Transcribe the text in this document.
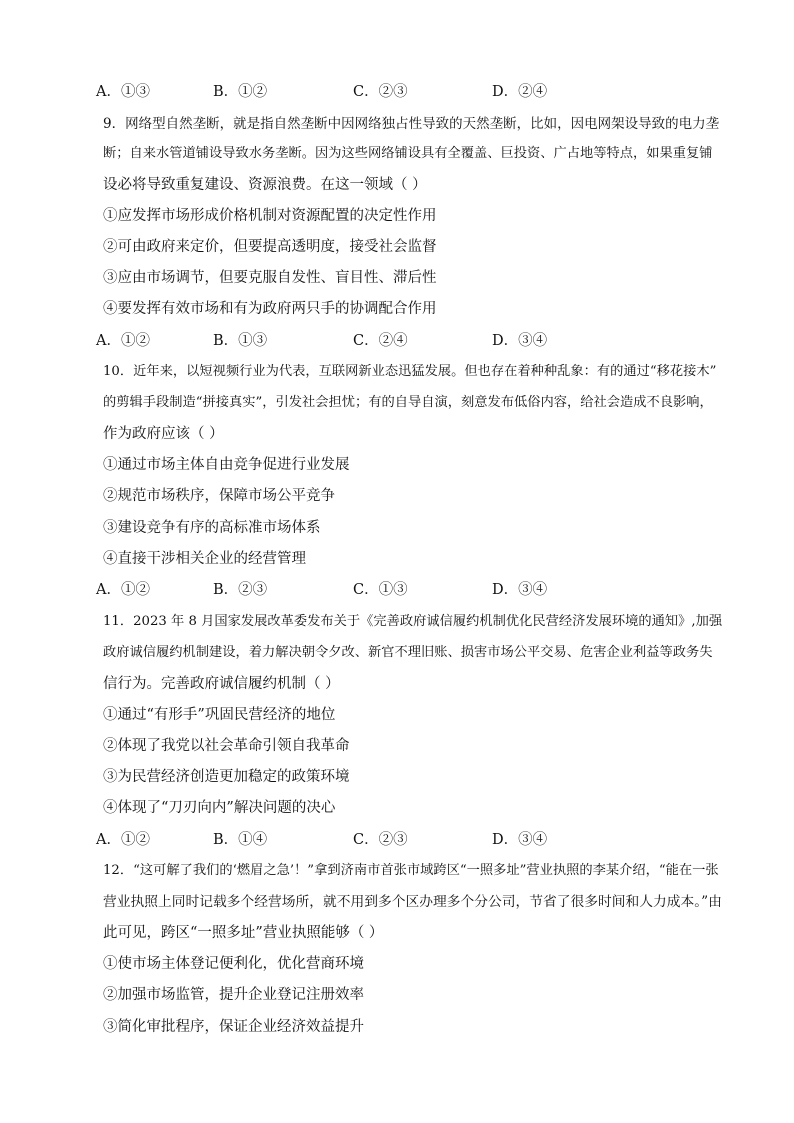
A．①③	B．①②	C．②③	D．②④
9．网络型自然垄断，就是指自然垄断中因网络独占性导致的天然垄断，比如，因电网架设导致的电力垄
断；自来水管道铺设导致水务垄断。因为这些网络铺设具有全覆盖、巨投资、广占地等特点，如果重复铺
设必将导致重复建设、资源浪费。在这一领域（ ）
①应发挥市场形成价格机制对资源配置的决定性作用
②可由政府来定价，但要提高透明度，接受社会监督
③应由市场调节，但要克服自发性、盲目性、滞后性
④要发挥有效市场和有为政府两只手的协调配合作用
A．①②	B．①③	C．②④	D．③④
10．近年来，以短视频行业为代表，互联网新业态迅猛发展。但也存在着种种乱象：有的通过“移花接木”
的剪辑手段制造“拼接真实”，引发社会担忧；有的自导自演，刻意发布低俗内容，给社会造成不良影响，
作为政府应该（ ）
①通过市场主体自由竞争促进行业发展
②规范市场秩序，保障市场公平竞争
③建设竞争有序的高标准市场体系
④直接干涉相关企业的经营管理
A．①②	B．②③	C．①③	D．③④
11．2023 年 8 月国家发展改革委发布关于《完善政府诚信履约机制优化民营经济发展环境的通知》,加强
政府诚信履约机制建设，着力解决朝令夕改、新官不理旧账、损害市场公平交易、危害企业利益等政务失
信行为。完善政府诚信履约机制（ ）
①通过“有形手”巩固民营经济的地位
②体现了我党以社会革命引领自我革命
③为民营经济创造更加稳定的政策环境
④体现了“刀刃向内”解决问题的决心
A．①②	B．①④	C．②③	D．③④
12．“这可解了我们的‘燃眉之急’！”拿到济南市首张市域跨区“一照多址”营业执照的李某介绍，“能在一张
营业执照上同时记载多个经营场所，就不用到多个区办理多个分公司，节省了很多时间和人力成本。”由
此可见，跨区“一照多址”营业执照能够（ ）
①使市场主体登记便利化，优化营商环境
②加强市场监管，提升企业登记注册效率
③简化审批程序，保证企业经济效益提升
